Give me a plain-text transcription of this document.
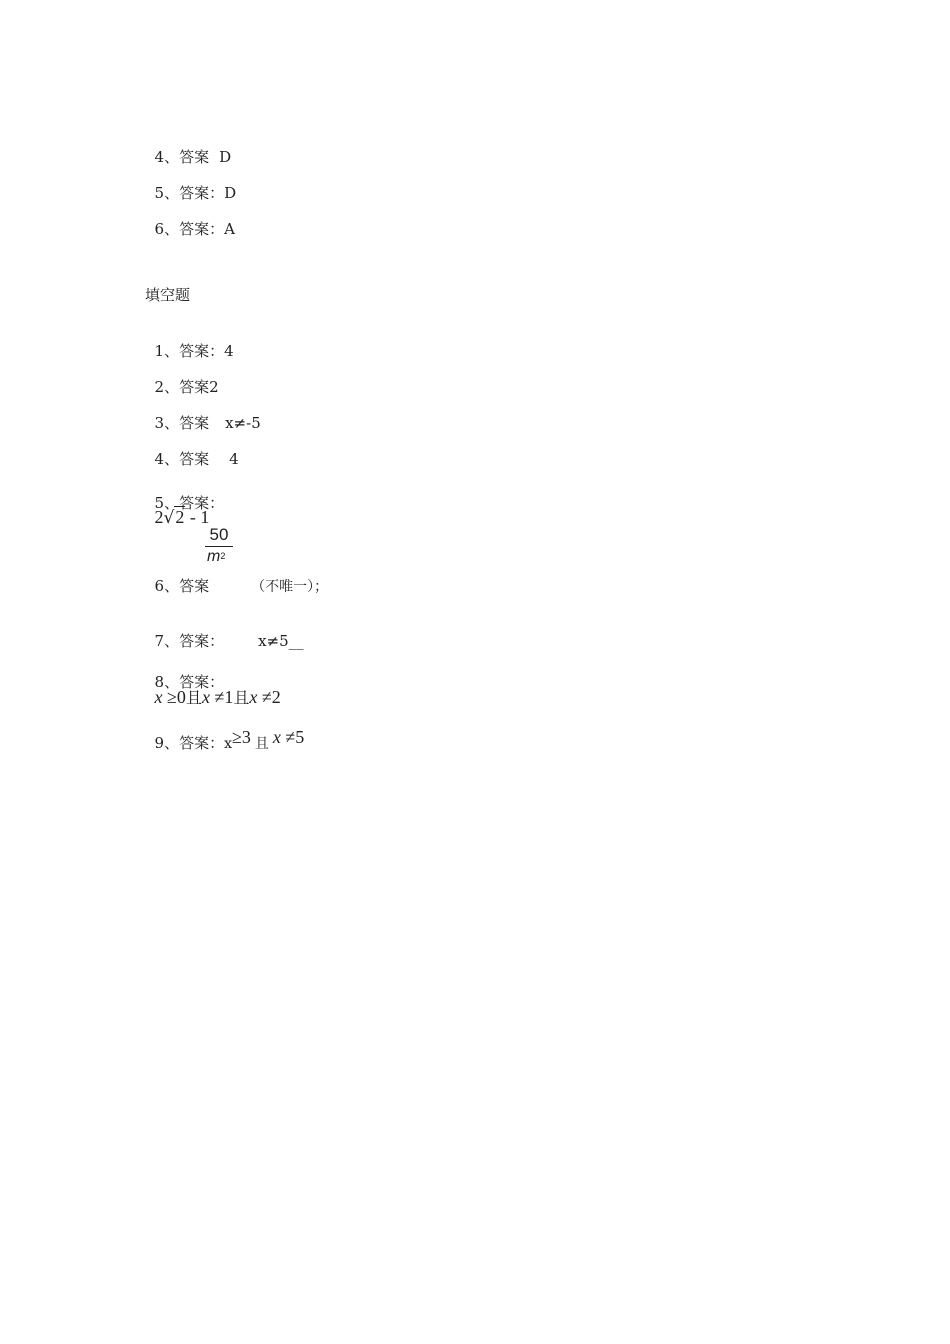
4、答案 D

5、答案：D

6、答案：A

填空题

1、答案：4

2、答案2

3、答案 x≠-5

4、答案 4

5、答案：
2√2 - 1

50
$m^2$

6、答案	（不唯一）；

7、答案： x≠5__

8、答案：
x ≥0且x ≠1且x ≠2

9、答案：x≥3 且 x ≠5
